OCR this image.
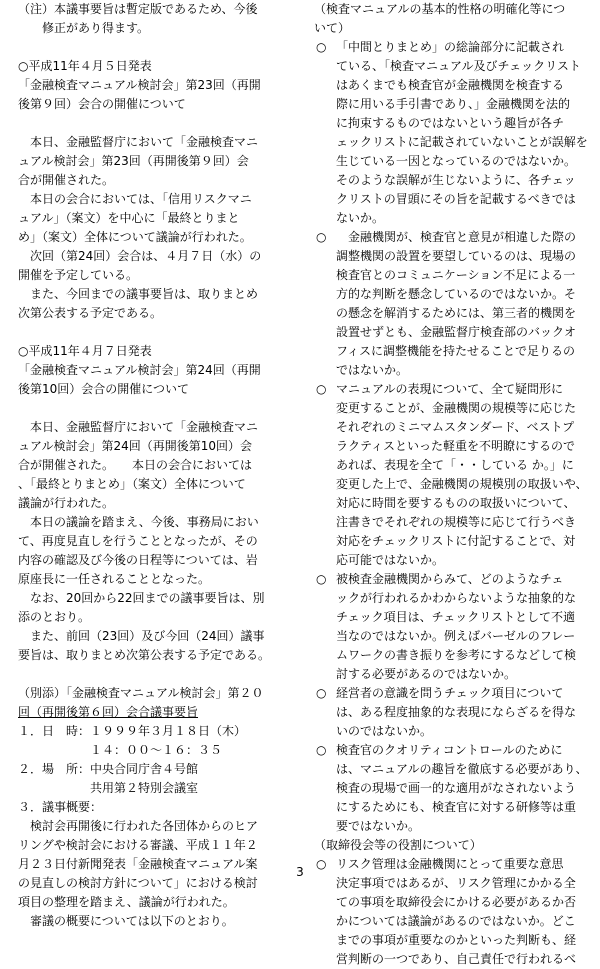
（注）本議事要旨は暫定版であるため、今後
　　修正があり得ます。
○平成11年４月５日発表
「金融検査マニュアル検討会」第23回（再開
後第９回）会合の開催について
　本日、金融監督庁において「金融検査マニ
ュアル検討会」第23回（再開後第９回）会
合が開催された。
　本日の会合においては、「信用リスクマニ
ュアル」（案文）を中心に「最終とりまと
め」（案文）全体について議論が行われた。
　次回（第24回）会合は、４月７日（水）の
開催を予定している。
　また、今回までの議事要旨は、取りまとめ
次第公表する予定である。
○平成11年４月７日発表
「金融検査マニュアル検討会」第24回（再開
後第10回）会合の開催について
　本日、金融監督庁において「金融検査マニ
ュアル検討会」第24回（再開後第10回）会
合が開催された。　　本日の会合においては
、「最終とりまとめ」（案文）全体について
議論が行われた。
　本日の議論を踏まえ、今後、事務局におい
て、再度見直しを行うこととなったが、その
内容の確認及び今後の日程等については、岩
原座長に一任されることとなった。
　なお、20回から22回までの議事要旨は、別
添のとおり。
　また、前回（23回）及び今回（24回）議事
要旨は、取りまとめ次第公表する予定である。
（別添）「金融検査マニュアル検討会」第２０
回（再開後第６回）会合議事要旨
１．日　時：１９９９年３月１８日（木）
　　　　　　１４：００～１６：３５
２．場　所：中央合同庁舎４号館
　　　　　　共用第２特別会議室
３．議事概要：
　検討会再開後に行われた各団体からのヒア
リングや検討会における審議、平成１１年２
月２３日付新聞発表「金融検査マニュアル案
の見直しの検討方針について」における検討
項目の整理を踏まえ、議論が行われた。
　審議の概要については以下のとおり。
（検査マニュアルの基本的性格の明確化等につ
いて）
○ 「中間とりまとめ」の総論部分に記載され
ている、「検査マニュアル及びチェックリスト
はあくまでも検査官が金融機関を検査する
際に用いる手引書であり、」金融機関を法的
に拘束するものではないという趣旨が各チ
ェックリストに記載されていないことが誤解を
生じている一因となっているのではないか。
そのような誤解が生じないように、各チェッ
クリストの冒頭にその旨を記載するべきでは
ないか。
○	　金融機関が、検査官と意見が相違した際の
調整機関の設置を要望しているのは、現場の
検査官とのコミュニケーション不足による一
方的な判断を懸念しているのではないか。そ
の懸念を解消するためには、第三者的機関を
設置せずとも、金融監督庁検査部のバックオ
フィスに調整機能を持たせることで足りるの
ではないか。
○ マニュアルの表現について、全て疑問形に
変更することが、金融機関の規模等に応じた
それぞれのミニマムスタンダード、ベストプ
ラクティスといった軽重を不明瞭にするので
あれば、表現を全て「・・している か。」に
変更した上で、金融機関の規模別の取扱いや、
対応に時間を要するものの取扱いについて、
注書きでそれぞれの規模等に応じて行うべき
対応をチェックリストに付記することで、対
応可能ではないか。
○ 被検査金融機関からみて、どのようなチェ
ックが行われるかわからないような抽象的な
チェック項目は、チェックリストとして不適
当なのではないか。例えばバーゼルのフレー
ムワークの書き振りを参考にするなどして検
討する必要があるのではないか。
○ 経営者の意識を問うチェック項目について
は、ある程度抽象的な表現にならざるを得な
いのではないか。
○ 検査官のクオリティコントロールのために
は、マニュアルの趣旨を徹底する必要があり、
検査の現場で画一的な適用がなされないよう
にするためにも、検査官に対する研修等は重
要ではないか。
（取締役会等の役割について）
○ リスク管理は金融機関にとって重要な意思
決定事項ではあるが、リスク管理にかかる全
ての事項を取締役会にかける必要があるか否
かについては議論があるのではないか。どこ
までの事項が重要なのかといった判断も、経
営判断の一つであり、自己責任で行われるべ
3
